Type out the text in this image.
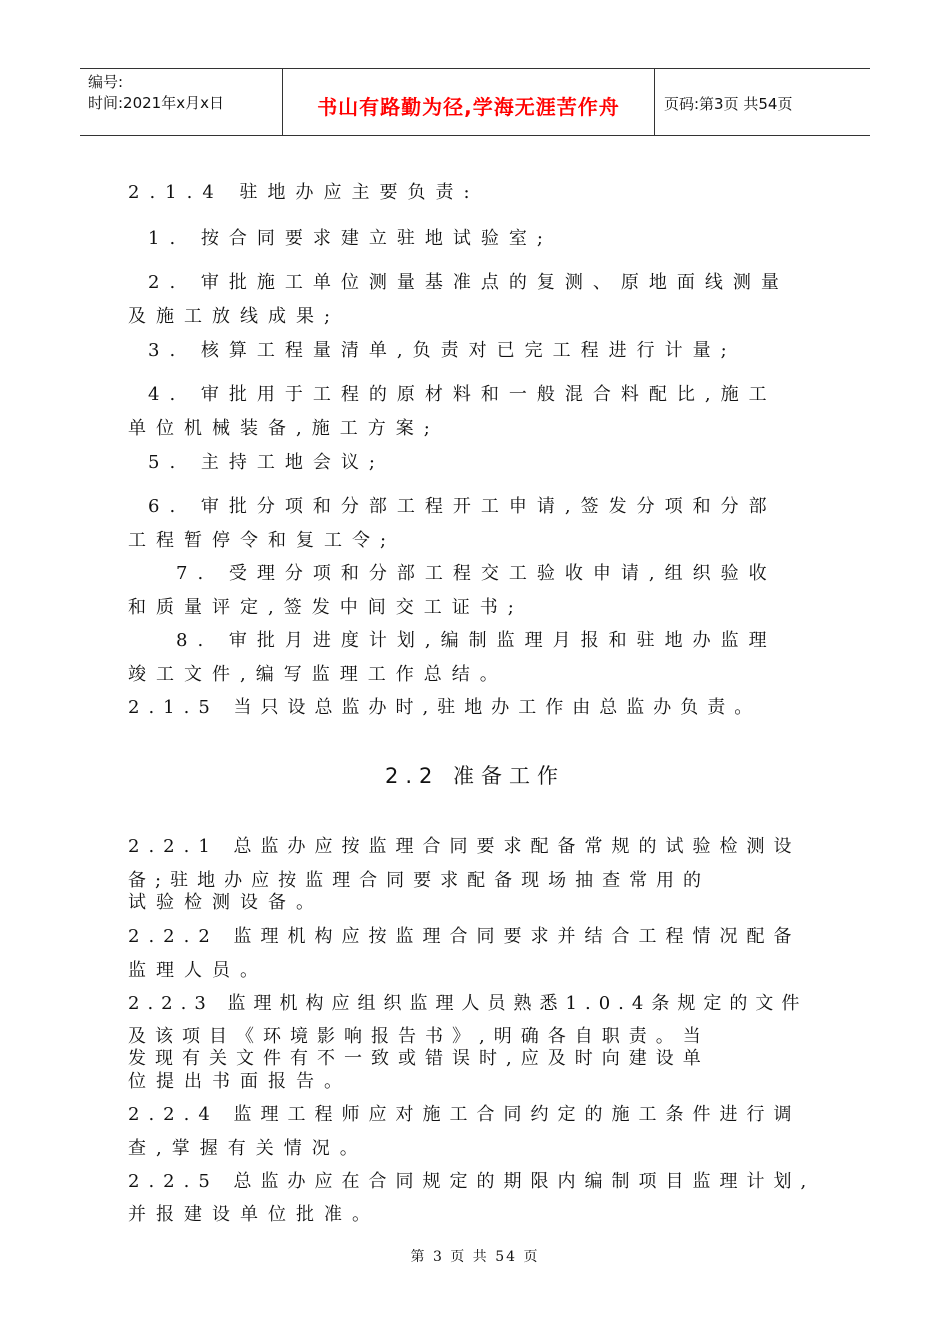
编号:
时间:2021年x月x日	书山有路勤为径,学海无涯苦作舟	页码:第3页 共54页
2.1.4 驻地办应主要负责:
1. 按合同要求建立驻地试验室;
2. 审批施工单位测量基准点的复测、原地面线测量
及施工放线成果;
3. 核算工程量清单,负责对已完工程进行计量;
4. 审批用于工程的原材料和一般混合料配比,施工
单位机械装备,施工方案;
5. 主持工地会议;
6. 审批分项和分部工程开工申请,签发分项和分部
工程暂停令和复工令;
7. 受理分项和分部工程交工验收申请,组织验收
和质量评定,签发中间交工证书;
8. 审批月进度计划,编制监理月报和驻地办监理
竣工文件,编写监理工作总结。
2.1.5 当只设总监办时,驻地办工作由总监办负责。
2.2 准备工作
2.2.1 总监办应按监理合同要求配备常规的试验检测设
备;驻地办应按监理合同要求配备现场抽查常用的
试验检测设备。
2.2.2 监理机构应按监理合同要求并结合工程情况配备
监理人员。
2.2.3 监理机构应组织监理人员熟悉1.0.4条规定的文件
及该项目《环境影响报告书》,明确各自职责。当
发现有关文件有不一致或错误时,应及时向建设单
位提出书面报告。
2.2.4 监理工程师应对施工合同约定的施工条件进行调
查,掌握有关情况。
2.2.5 总监办应在合同规定的期限内编制项目监理计划,
并报建设单位批准。
第 3 页 共 54 页
